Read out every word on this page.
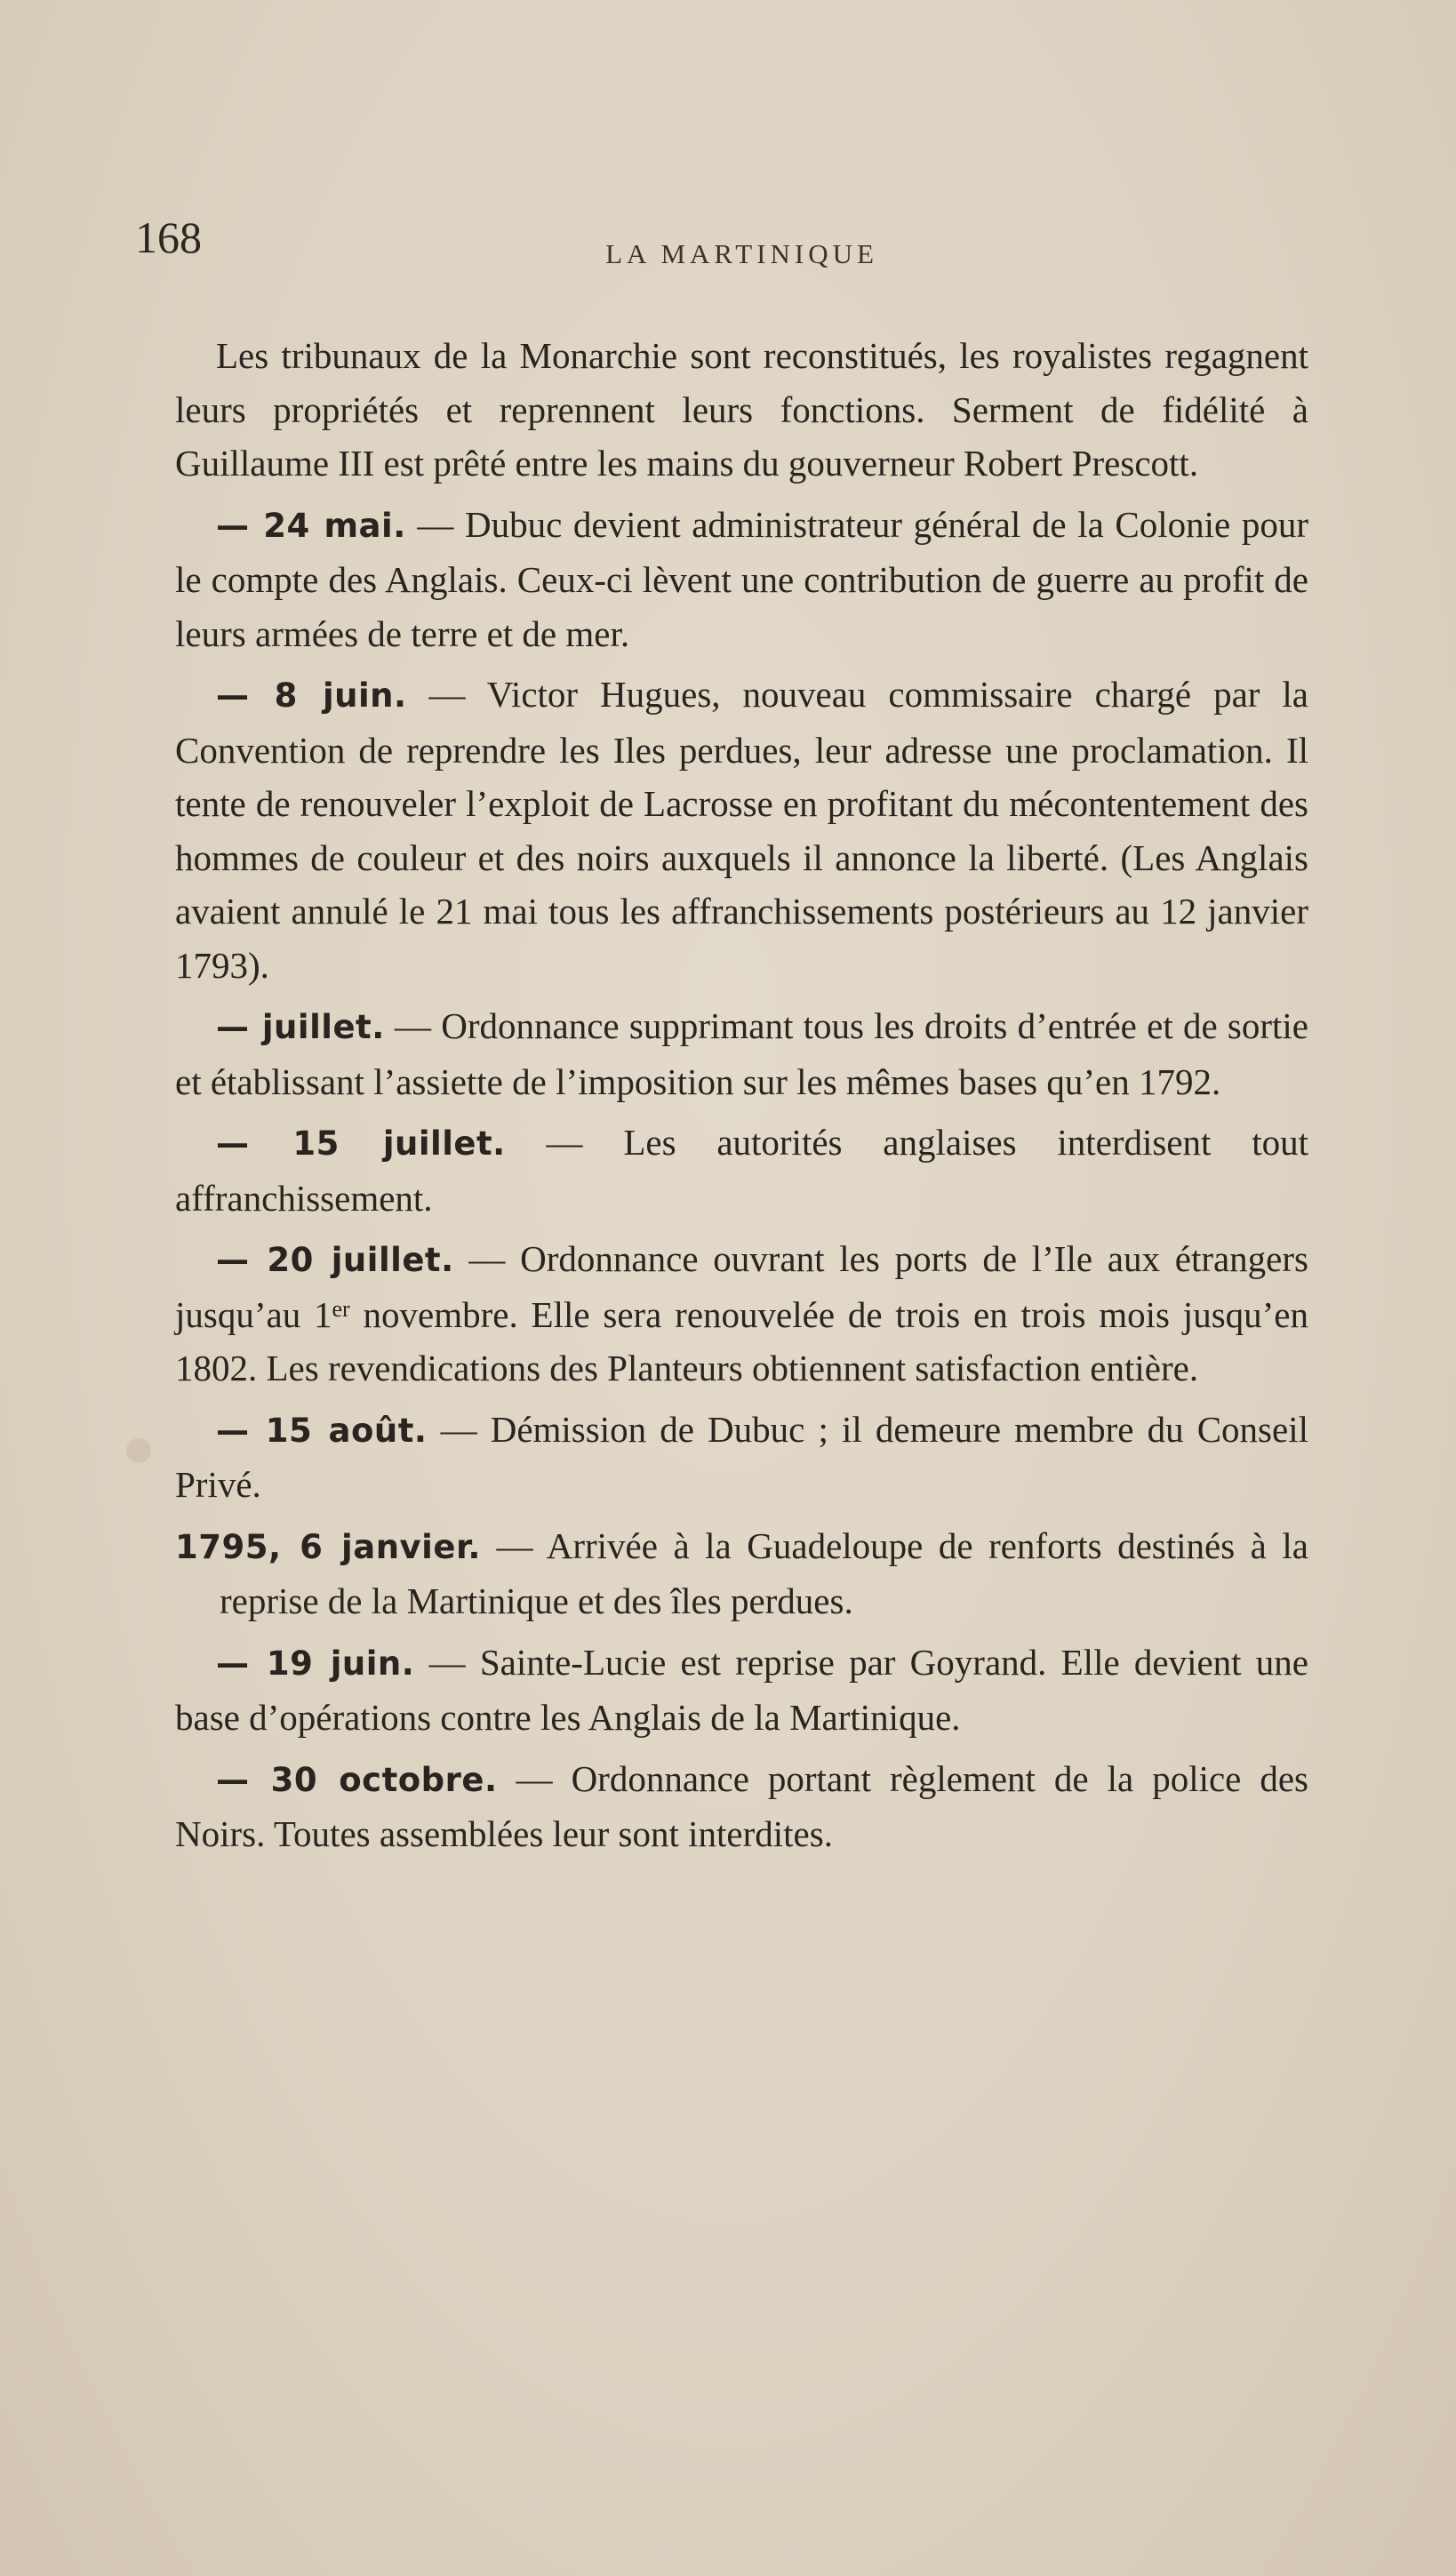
168	LA MARTINIQUE

Les tribunaux de la Monarchie sont reconstitués, les royalistes regagnent leurs propriétés et reprennent leurs fonctions. Serment de fidélité à Guillaume III est prêté entre les mains du gouverneur Robert Prescott.

— 24 mai. — Dubuc devient administrateur général de la Colonie pour le compte des Anglais. Ceux-ci lèvent une contribution de guerre au profit de leurs armées de terre et de mer.

— 8 juin. — Victor Hugues, nouveau commissaire chargé par la Convention de reprendre les Iles perdues, leur adresse une proclamation. Il tente de renouveler l’exploit de Lacrosse en profitant du mécontentement des hommes de couleur et des noirs auxquels il annonce la liberté. (Les Anglais avaient annulé le 21 mai tous les affranchissements postérieurs au 12 janvier 1793).

— juillet. — Ordonnance supprimant tous les droits d’entrée et de sortie et établissant l’assiette de l’imposition sur les mêmes bases qu’en 1792.

— 15 juillet. — Les autorités anglaises interdisent tout affranchissement.

— 20 juillet. — Ordonnance ouvrant les ports de l’Ile aux étrangers jusqu’au 1er novembre. Elle sera renouvelée de trois en trois mois jusqu’en 1802. Les revendications des Planteurs obtiennent satisfaction entière.

— 15 août. — Démission de Dubuc ; il demeure membre du Conseil Privé.

1795, 6 janvier. — Arrivée à la Guadeloupe de renforts destinés à la reprise de la Martinique et des îles perdues.

— 19 juin. — Sainte-Lucie est reprise par Goyrand. Elle devient une base d’opérations contre les Anglais de la Martinique.

— 30 octobre. — Ordonnance portant règlement de la police des Noirs. Toutes assemblées leur sont interdites.
